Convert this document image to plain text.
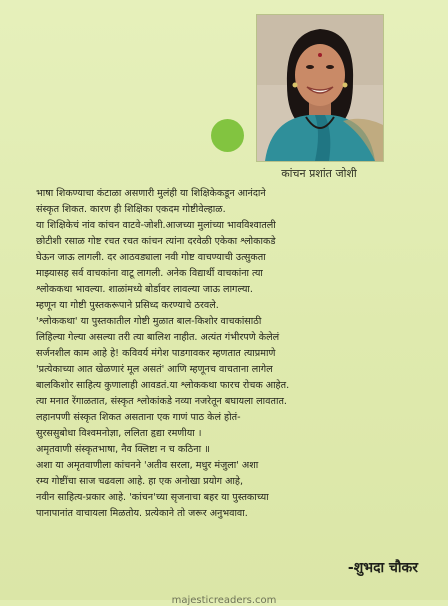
कांचन प्रशांत जोशी
भाषा शिकण्याचा कंटाळा असणारी मुलंही या शिक्षिकेकडून आनंदाने
संस्कृत शिकत. कारण ही शिक्षिका एकदम गोष्टीवेल्हाळ.
या शिक्षिकेचं नांव कांचन वाटवे-जोशी.आजच्या मुलांच्या भावविश्वातली
छोटीशी रसाळ गोष्ट रचत रचत कांचन त्यांना दरवेळी एकेका श्लोकाकडे
घेऊन जाऊ लागली. दर आठवड्याला नवी गोष्ट वाचण्याची उत्सुकता
माझ्यासह सर्व वाचकांना वाटू लागली. अनेक विद्यार्थी वाचकांना त्या
श्लोककथा भावल्या. शाळांमध्ये बोर्डावर लावल्या जाऊ लागल्या.
म्हणून या गोष्टी पुस्तकरूपाने प्रसिध्द करण्याचे ठरवले.
'श्लोककथा' या पुस्तकातील गोष्टी मुळात बाल-किशोर वाचकांसाठी
लिहिल्या गेल्या असल्या तरी त्या बालिश नाहीत. अत्यंत गंभीरपणे केलेलं
सर्जनशील काम आहे हे! कविवर्य मंगेश पाडगावकर म्हणतात त्याप्रमाणे
'प्रत्येकाच्या आत खेळणारं मूल असतं' आणि म्हणूनच वाचताना लागेल
बालकिशोर साहित्य कुणालाही आवडतं.या श्लोककथा फारच रोचक आहेत.
त्या मनात रेंगाळतात, संस्कृत श्लोकांकडे नव्या नजरेतून बघायला लावतात.
लहानपणी संस्कृत शिकत असताना एक गाणं पाठ केलं होतं-
सुरससुबोधा विश्वमनोज्ञा, ललिता हृद्या रमणीया ।
अमृतवाणी संस्कृतभाषा, नैव क्लिष्टा न च कठिना ॥
अशा या अमृतवाणीला कांचनने 'अतीव सरला, मधुर मंजुला' अशा
रम्य गोष्टींचा साज चढवला आहे. हा एक अनोखा प्रयोग आहे,
नवीन साहित्य-प्रकार आहे. 'कांचन'च्या सृजनाचा बहर या पुस्तकाच्या
पानापानांत वाचायला मिळतोय. प्रत्येकाने तो जरूर अनुभवावा.
-शुभदा चौकर
majesticreaders.com
